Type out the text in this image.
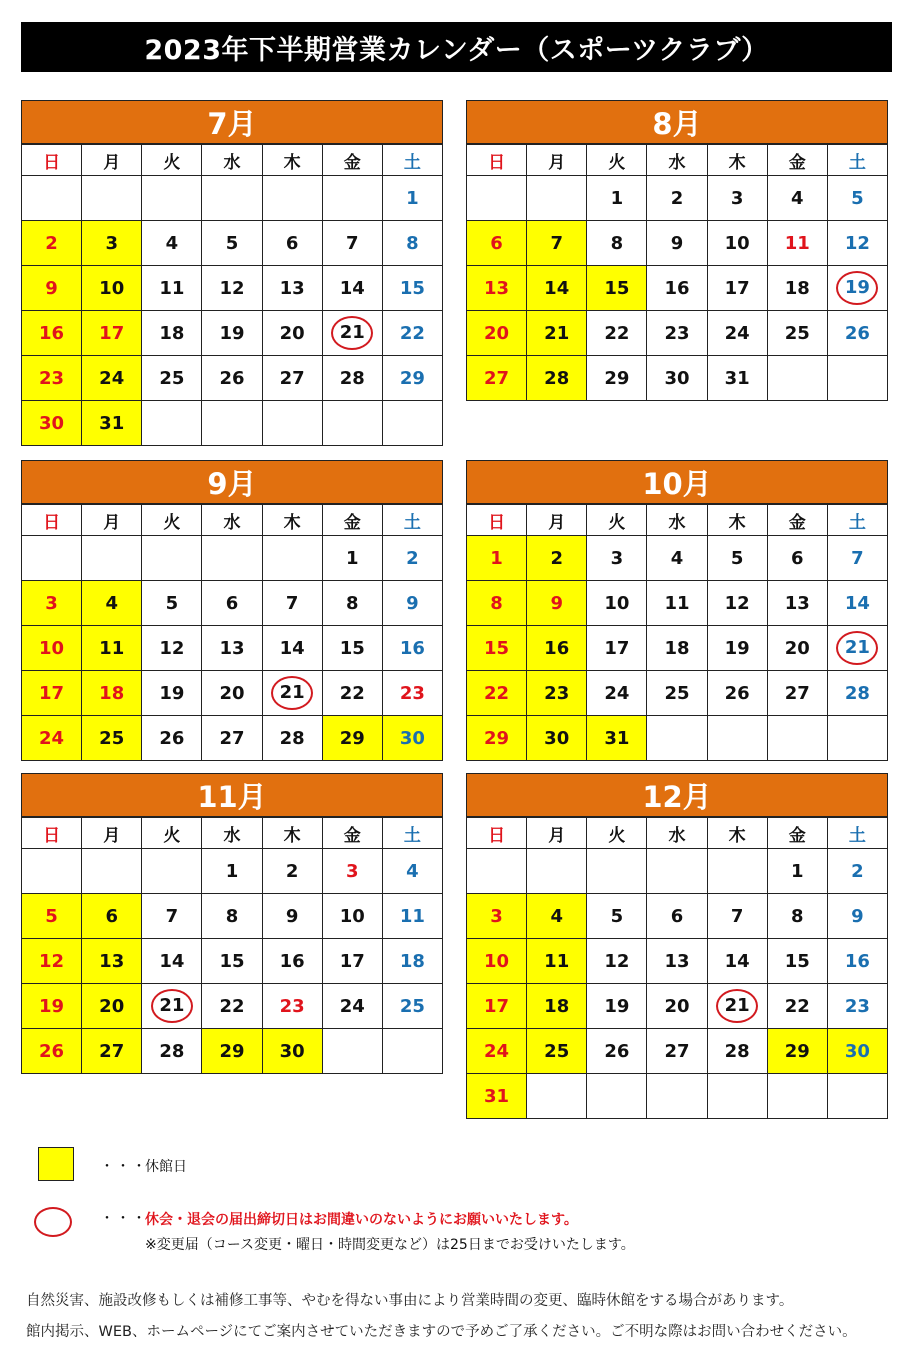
2023年下半期営業カレンダー（スポーツクラブ）
7月
日	月	火	水	木	金	土
						1
2	3	4	5	6	7	8
9	10	11	12	13	14	15
16	17	18	19	20	21	22
23	24	25	26	27	28	29
30	31					
8月
日	月	火	水	木	金	土
		1	2	3	4	5
6	7	8	9	10	11	12
13	14	15	16	17	18	19
20	21	22	23	24	25	26
27	28	29	30	31		
9月
日	月	火	水	木	金	土
					1	2
3	4	5	6	7	8	9
10	11	12	13	14	15	16
17	18	19	20	21	22	23
24	25	26	27	28	29	30
10月
日	月	火	水	木	金	土
1	2	3	4	5	6	7
8	9	10	11	12	13	14
15	16	17	18	19	20	21
22	23	24	25	26	27	28
29	30	31				
11月
日	月	火	水	木	金	土
			1	2	3	4
5	6	7	8	9	10	11
12	13	14	15	16	17	18
19	20	21	22	23	24	25
26	27	28	29	30		
12月
日	月	火	水	木	金	土
					1	2
3	4	5	6	7	8	9
10	11	12	13	14	15	16
17	18	19	20	21	22	23
24	25	26	27	28	29	30
31						
・・・
休館日
・・・
休会・退会の届出締切日はお間違いのないようにお願いいたします。
※変更届（コース変更・曜日・時間変更など）は25日までお受けいたします。
自然災害、施設改修もしくは補修工事等、やむを得ない事由により営業時間の変更、臨時休館をする場合があります。
館内掲示、WEB、ホームページにてご案内させていただきますので予めご了承ください。ご不明な際はお問い合わせください。
